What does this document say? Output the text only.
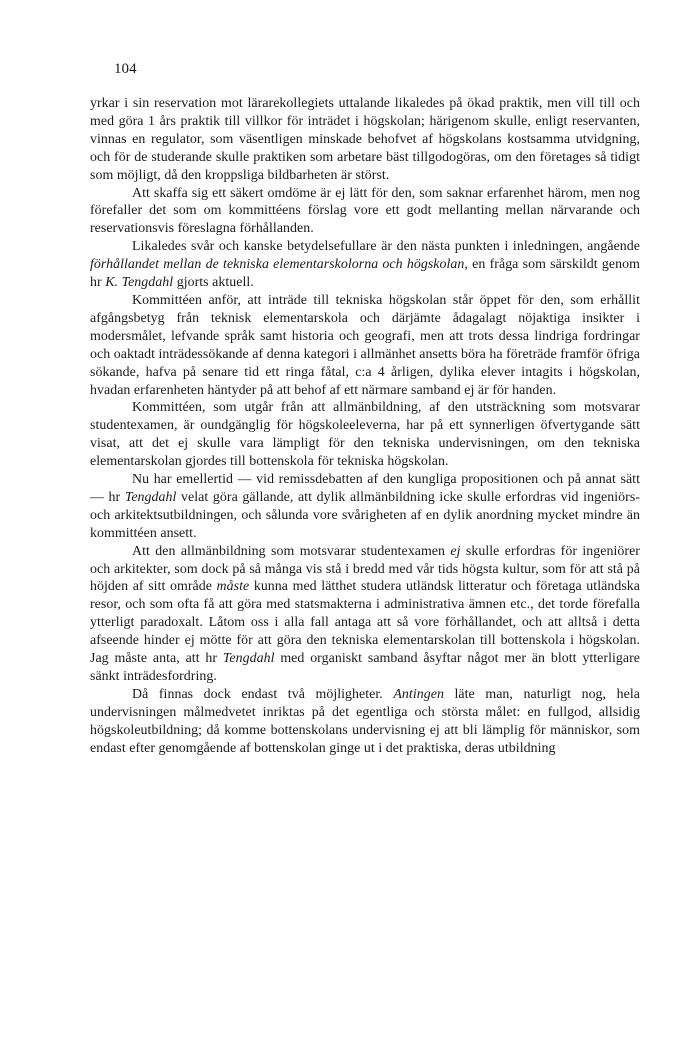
104

yrkar i sin reservation mot lärarekollegiets uttalande likaledes på ökad praktik, men vill till och med göra 1 års praktik till villkor för inträdet i högskolan; härigenom skulle, enligt reservanten, vinnas en regulator, som väsentligen minskade behofvet af högskolans kostsamma utvidgning, och för de studerande skulle praktiken som arbetare bäst tillgodogöras, om den företages så tidigt som möjligt, då den kroppsliga bildbarheten är störst.

Att skaffa sig ett säkert omdöme är ej lätt för den, som saknar erfarenhet härom, men nog förefaller det som om kommittéens förslag vore ett godt mellanting mellan närvarande och reservationsvis föreslagna förhållanden.

Likaledes svår och kanske betydelsefullare är den nästa punkten i inledningen, angående förhållandet mellan de tekniska elementarskolorna och högskolan, en fråga som särskildt genom hr K. Tengdahl gjorts aktuell.

Kommittéen anför, att inträde till tekniska högskolan står öppet för den, som erhållit afgångsbetyg från teknisk elementarskola och därjämte ådagalagt nöjaktiga insikter i modersmålet, lefvande språk samt historia och geografi, men att trots dessa lindriga fordringar och oaktadt inträdessökande af denna kategori i allmänhet ansetts böra ha företräde framför öfriga sökande, hafva på senare tid ett ringa fåtal, c:a 4 årligen, dylika elever intagits i högskolan, hvadan erfarenheten häntyder på att behof af ett närmare samband ej är för handen.

Kommittéen, som utgår från att allmänbildning, af den utsträckning som motsvarar studentexamen, är oundgänglig för högskoleeleverna, har på ett synnerligen öfvertygande sätt visat, att det ej skulle vara lämpligt för den tekniska undervisningen, om den tekniska elementarskolan gjordes till bottenskola för tekniska högskolan.

Nu har emellertid — vid remissdebatten af den kungliga propositionen och på annat sätt — hr Tengdahl velat göra gällande, att dylik allmänbildning icke skulle erfordras vid ingeniörs- och arkitektsutbildningen, och sålunda vore svårigheten af en dylik anordning mycket mindre än kommittéen ansett.

Att den allmänbildning som motsvarar studentexamen ej skulle erfordras för ingeniörer och arkitekter, som dock på så många vis stå i bredd med vår tids högsta kultur, som för att stå på höjden af sitt område måste kunna med lätthet studera utländsk litteratur och företaga utländska resor, och som ofta få att göra med statsmakterna i administrativa ämnen etc., det torde förefalla ytterligt paradoxalt. Låtom oss i alla fall antaga att så vore förhållandet, och att alltså i detta afseende hinder ej mötte för att göra den tekniska elementarskolan till bottenskola i högskolan. Jag måste anta, att hr Tengdahl med organiskt samband åsyftar något mer än blott ytterligare sänkt inträdesfordring.

Då finnas dock endast två möjligheter. Antingen läte man, naturligt nog, hela undervisningen målmedvetet inriktas på det egentliga och största målet: en fullgod, allsidig högskoleutbildning; då komme bottenskolans undervisning ej att bli lämplig för människor, som endast efter genomgående af bottenskolan ginge ut i det praktiska, deras utbildning
